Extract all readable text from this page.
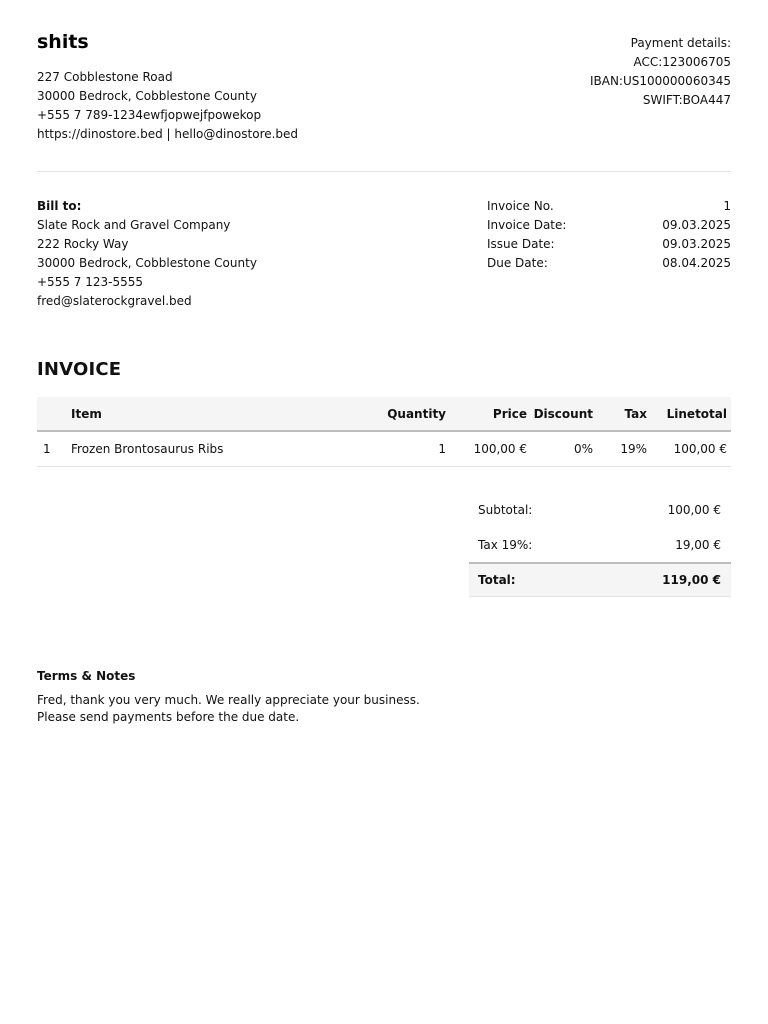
shits
227 Cobblestone Road
30000 Bedrock, Cobblestone County
+555 7 789-1234ewfjopwejfpowekop
https://dinostore.bed | hello@dinostore.bed
Payment details:
ACC:123006705
IBAN:US100000060345
SWIFT:BOA447
Bill to:
Slate Rock and Gravel Company
222 Rocky Way
30000 Bedrock, Cobblestone County
+555 7 123-5555
fred@slaterockgravel.bed
Invoice No.	1
Invoice Date:	09.03.2025
Issue Date:	09.03.2025
Due Date:	08.04.2025
INVOICE
	Item	Quantity	Price	Discount	Tax	Linetotal
1	Frozen Brontosaurus Ribs	1	100,00 €	0%	19%	100,00 €
Subtotal:	100,00 €
Tax 19%:	19,00 €
Total:	119,00 €
Terms & Notes
Fred, thank you very much. We really appreciate your business.
Please send payments before the due date.
